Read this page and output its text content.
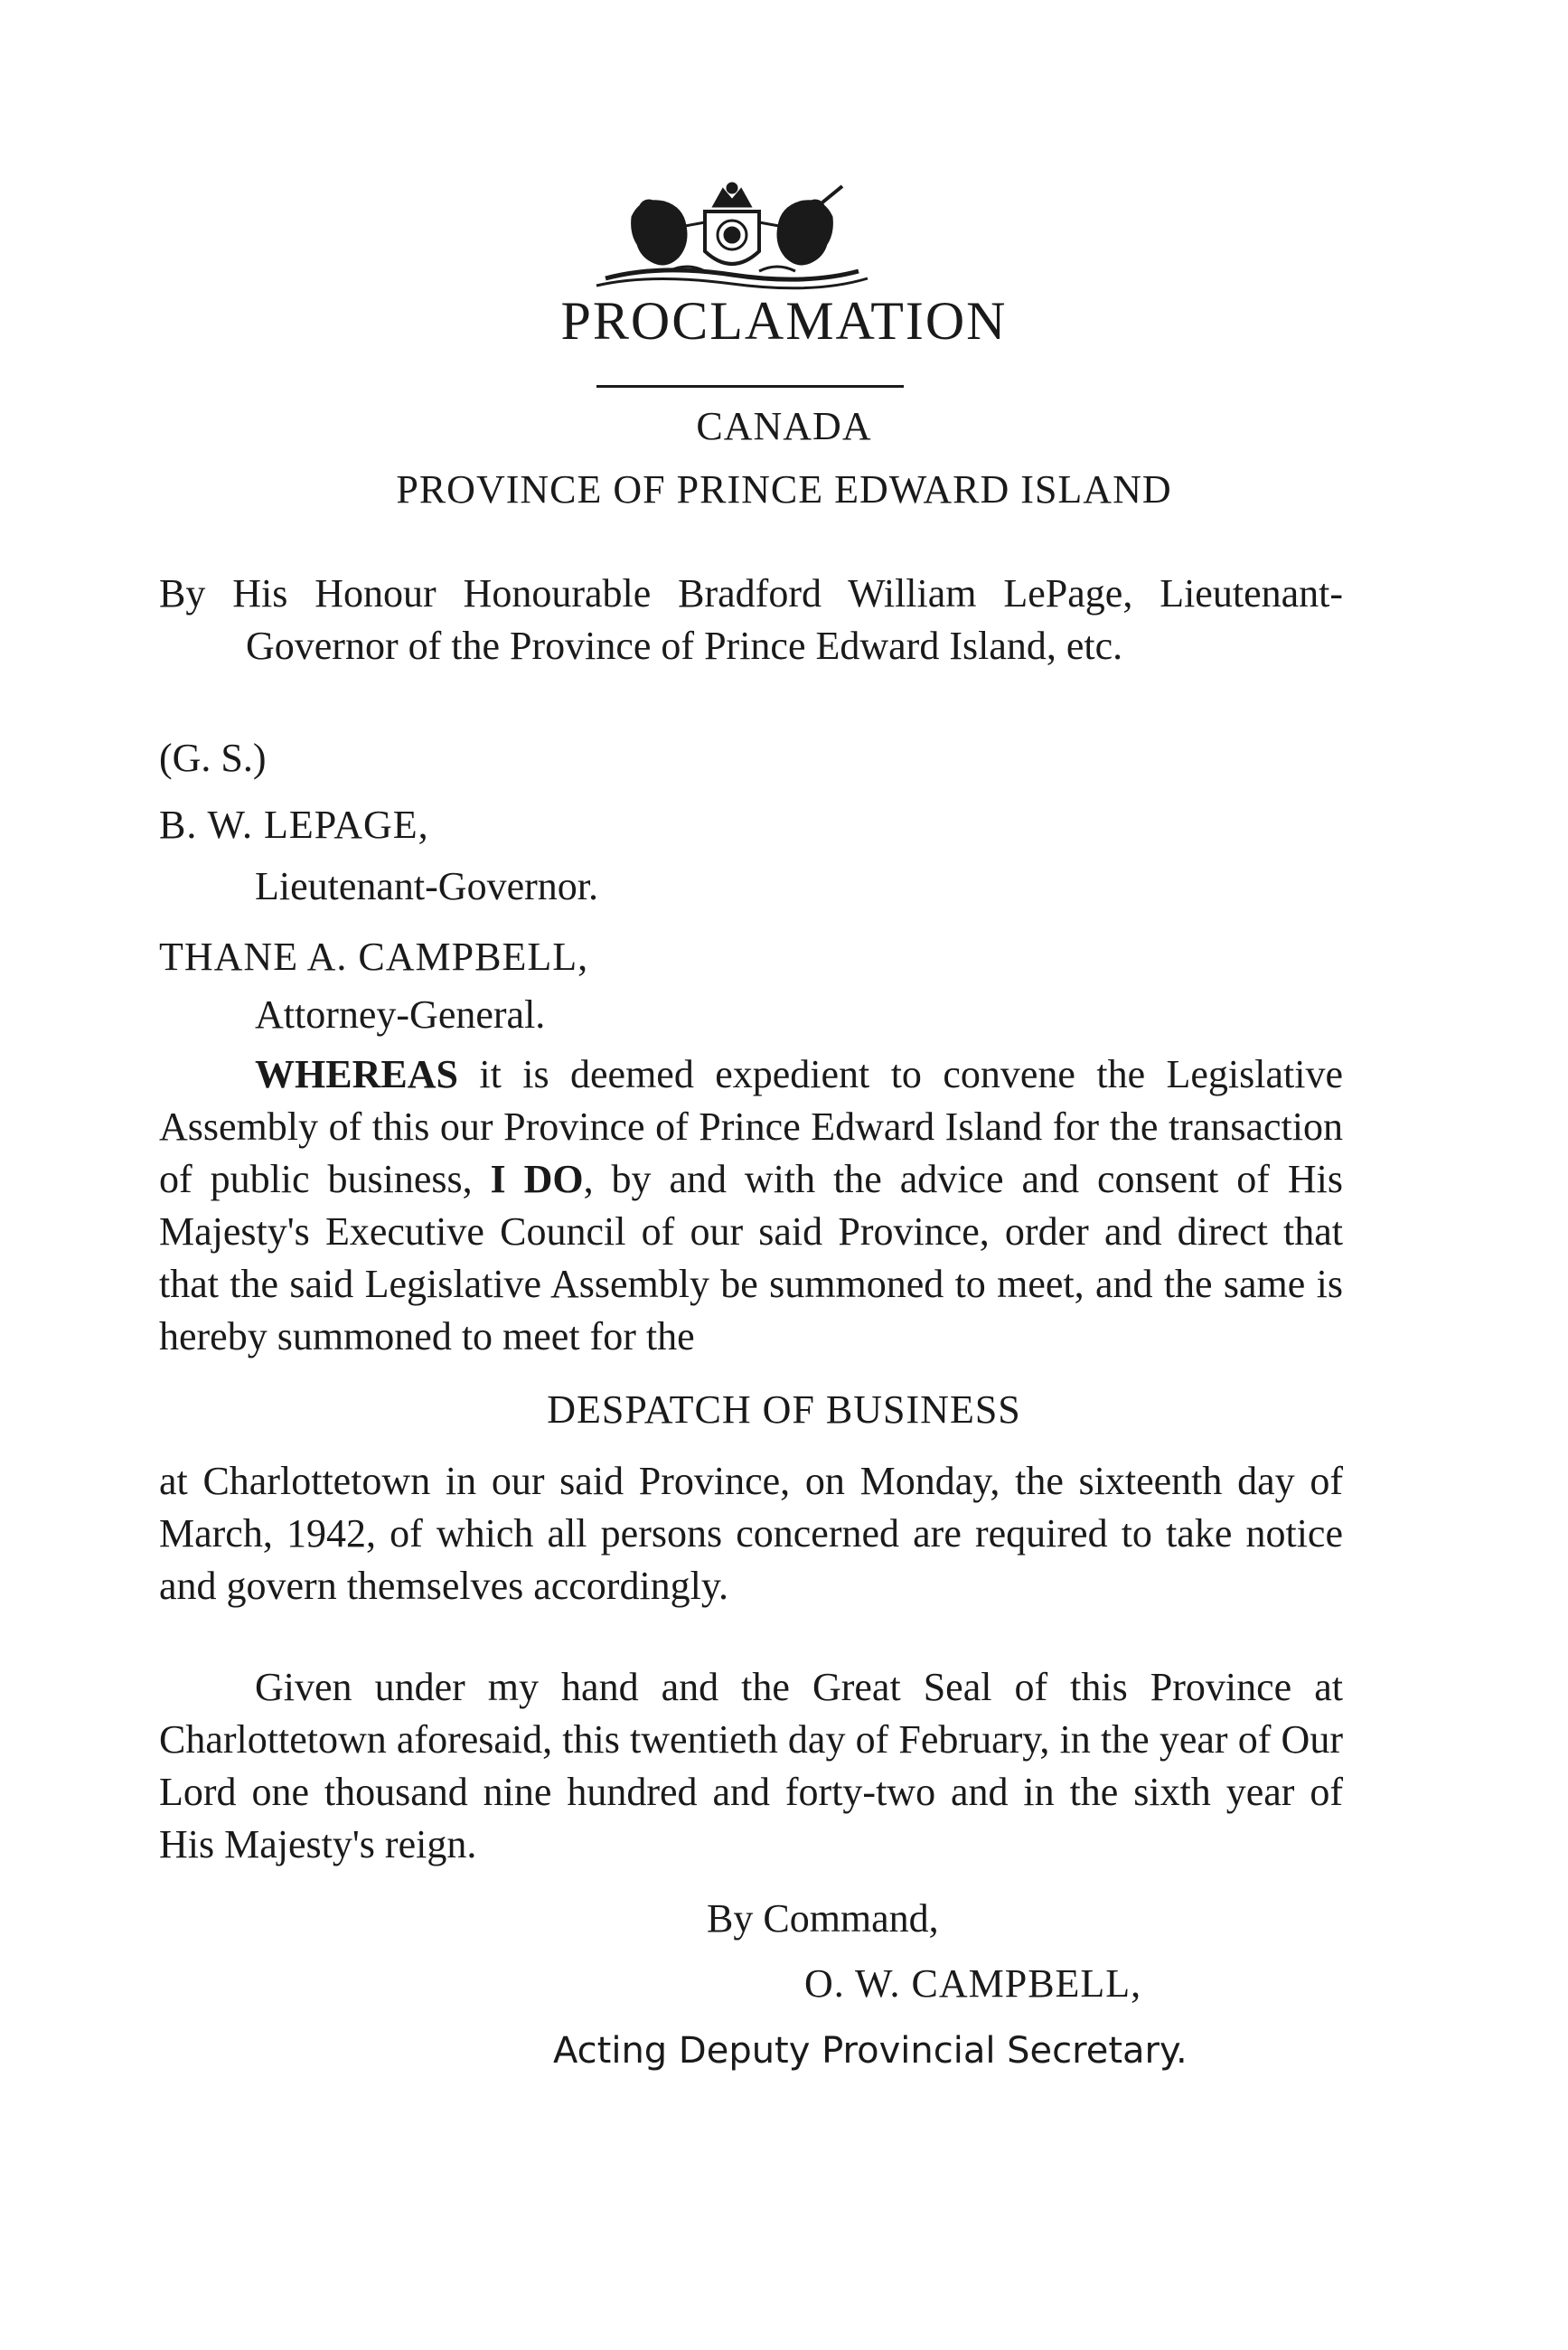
PROCLAMATION
CANADA
PROVINCE OF PRINCE EDWARD ISLAND
By His Honour Honourable Bradford William LePage, Lieutenant-Governor of the Province of Prince Edward Island, etc.
(G. S.)
B. W. LEPAGE,
Lieutenant-Governor.
THANE A. CAMPBELL,
Attorney-General.
WHEREAS it is deemed expedient to convene the Legislative Assembly of this our Province of Prince Edward Island for the transaction of public business, I DO, by and with the advice and consent of His Majesty's Executive Council of our said Province, order and direct that that the said Legislative Assembly be summoned to meet, and the same is hereby summoned to meet for the
DESPATCH OF BUSINESS
at Charlottetown in our said Province, on Monday, the sixteenth day of March, 1942, of which all persons concerned are required to take notice and govern themselves accordingly.
Given under my hand and the Great Seal of this Province at Charlottetown aforesaid, this twentieth day of February, in the year of Our Lord one thousand nine hundred and forty-two and in the sixth year of His Majesty's reign.
By Command,
O. W. CAMPBELL,
Acting Deputy Provincial Secretary.
